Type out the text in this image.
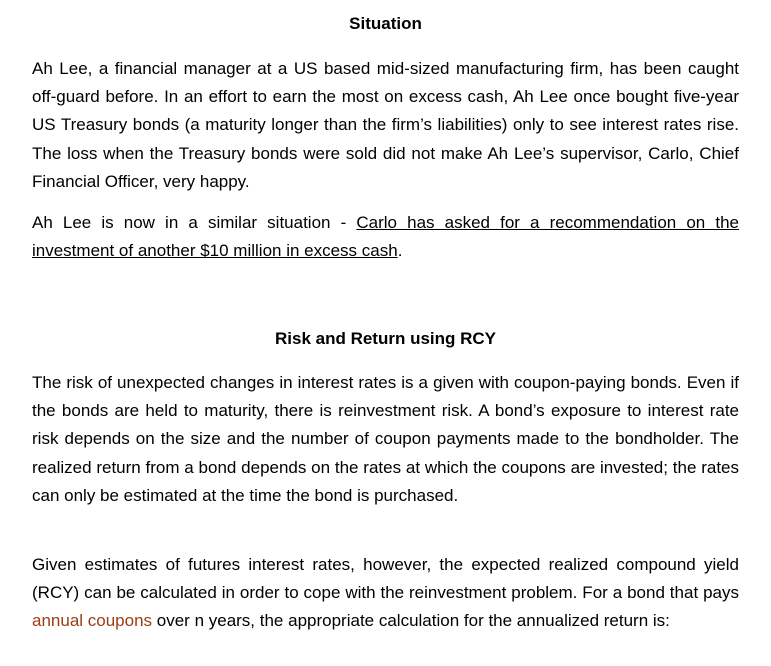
Situation

Ah Lee, a financial manager at a US based mid-sized manufacturing firm, has been caught off-guard before. In an effort to earn the most on excess cash, Ah Lee once bought five-year US Treasury bonds (a maturity longer than the firm’s liabilities) only to see interest rates rise. The loss when the Treasury bonds were sold did not make Ah Lee’s supervisor, Carlo, Chief Financial Officer, very happy.

Ah Lee is now in a similar situation - Carlo has asked for a recommendation on the investment of another $10 million in excess cash.

Risk and Return using RCY

The risk of unexpected changes in interest rates is a given with coupon-paying bonds. Even if the bonds are held to maturity, there is reinvestment risk. A bond’s exposure to interest rate risk depends on the size and the number of coupon payments made to the bondholder. The realized return from a bond depends on the rates at which the coupons are invested; the rates can only be estimated at the time the bond is purchased.

Given estimates of futures interest rates, however, the expected realized compound yield (RCY) can be calculated in order to cope with the reinvestment problem. For a bond that pays annual coupons over n years, the appropriate calculation for the annualized return is:
